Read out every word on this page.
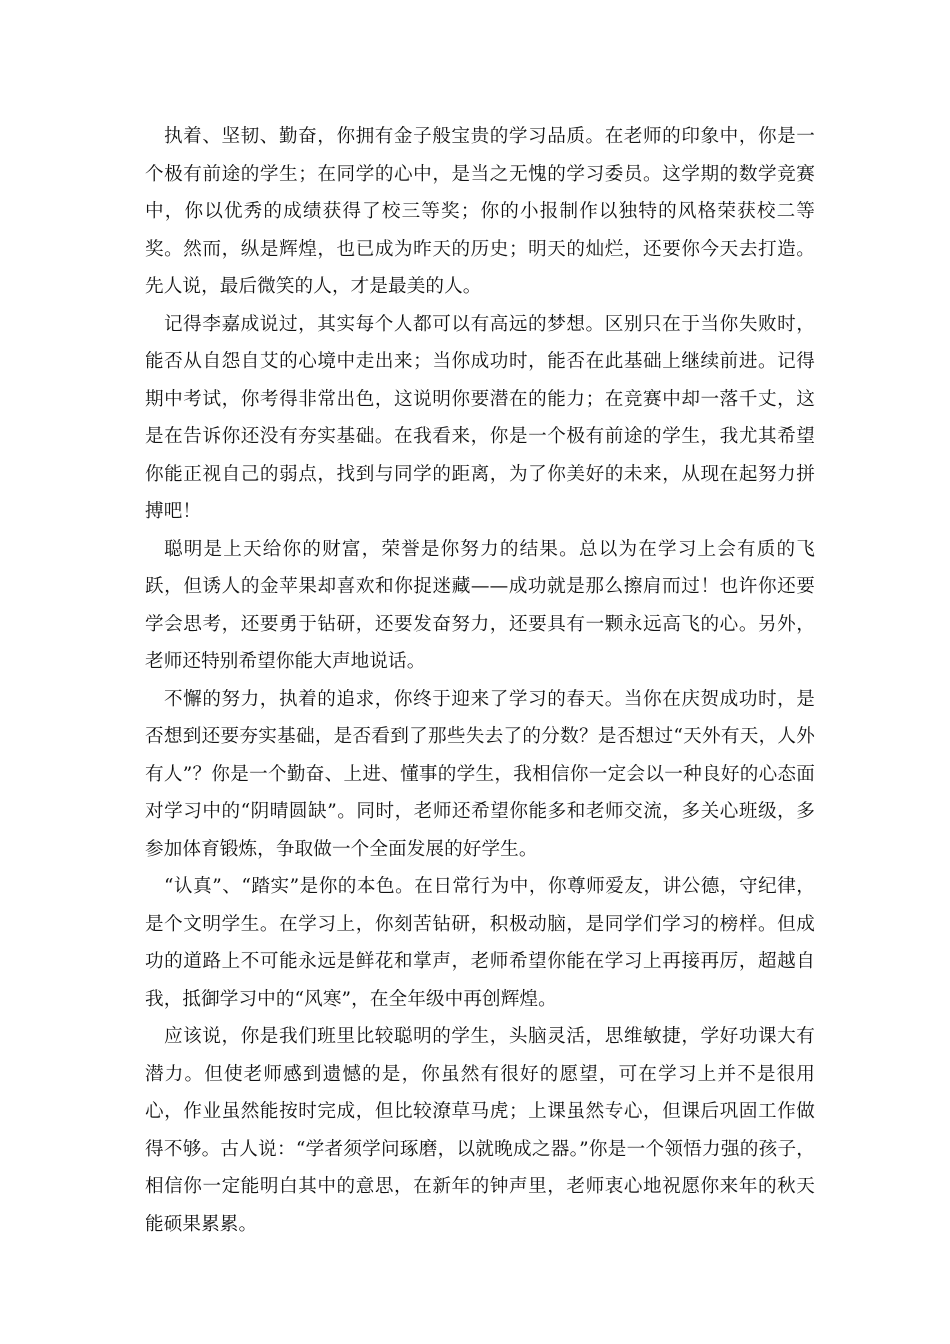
执着、坚韧、勤奋，你拥有金子般宝贵的学习品质。在老师的印象中，你是一个极有前途的学生；在同学的心中，是当之无愧的学习委员。这学期的数学竞赛中，你以优秀的成绩获得了校三等奖；你的小报制作以独特的风格荣获校二等奖。然而，纵是辉煌，也已成为昨天的历史；明天的灿烂，还要你今天去打造。先人说，最后微笑的人，才是最美的人。

记得李嘉成说过，其实每个人都可以有高远的梦想。区别只在于当你失败时，能否从自怨自艾的心境中走出来；当你成功时，能否在此基础上继续前进。记得期中考试，你考得非常出色，这说明你要潜在的能力；在竞赛中却一落千丈，这是在告诉你还没有夯实基础。在我看来，你是一个极有前途的学生，我尤其希望你能正视自己的弱点，找到与同学的距离，为了你美好的未来，从现在起努力拼搏吧！

聪明是上天给你的财富，荣誉是你努力的结果。总以为在学习上会有质的飞跃，但诱人的金苹果却喜欢和你捉迷藏——成功就是那么擦肩而过！也许你还要学会思考，还要勇于钻研，还要发奋努力，还要具有一颗永远高飞的心。另外，老师还特别希望你能大声地说话。

不懈的努力，执着的追求，你终于迎来了学习的春天。当你在庆贺成功时，是否想到还要夯实基础，是否看到了那些失去了的分数？是否想过“天外有天，人外有人”？你是一个勤奋、上进、懂事的学生，我相信你一定会以一种良好的心态面对学习中的“阴晴圆缺”。同时，老师还希望你能多和老师交流，多关心班级，多参加体育锻炼，争取做一个全面发展的好学生。

“认真”、“踏实”是你的本色。在日常行为中，你尊师爱友，讲公德，守纪律，是个文明学生。在学习上，你刻苦钻研，积极动脑，是同学们学习的榜样。但成功的道路上不可能永远是鲜花和掌声，老师希望你能在学习上再接再厉，超越自我，抵御学习中的“风寒”，在全年级中再创辉煌。

应该说，你是我们班里比较聪明的学生，头脑灵活，思维敏捷，学好功课大有潜力。但使老师感到遗憾的是，你虽然有很好的愿望，可在学习上并不是很用心，作业虽然能按时完成，但比较潦草马虎；上课虽然专心，但课后巩固工作做得不够。古人说：“学者须学问琢磨，以就晚成之器。”你是一个领悟力强的孩子，相信你一定能明白其中的意思，在新年的钟声里，老师衷心地祝愿你来年的秋天能硕果累累。
